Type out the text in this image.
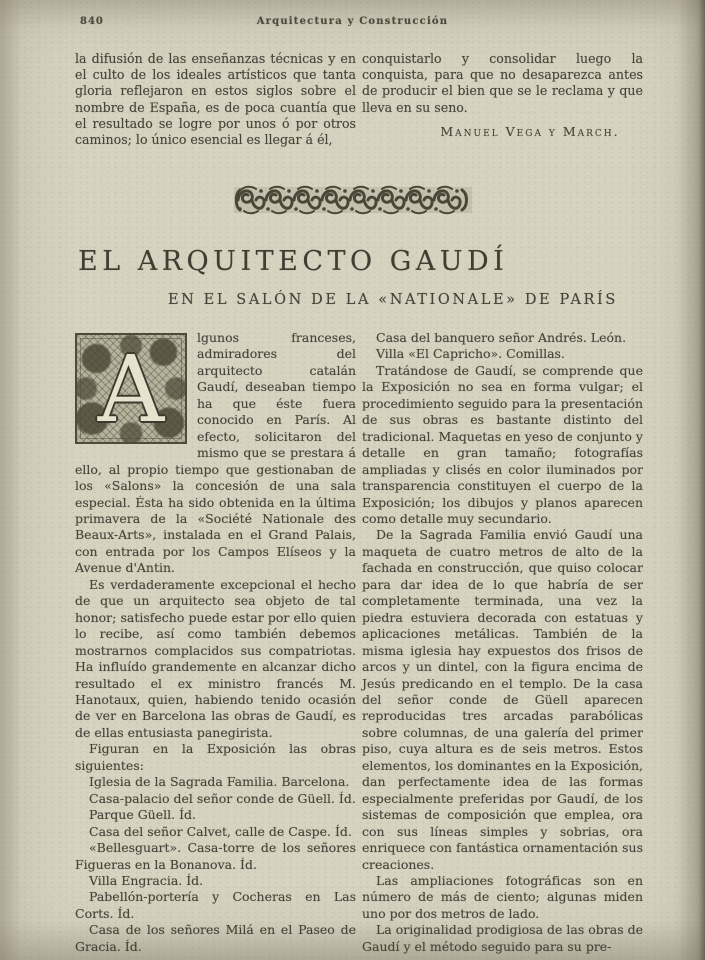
840	Arquitectura y Construcción
la difusión de las enseñanzas técnicas y en el culto de los ideales artísticos que tanta gloria reflejaron en estos siglos sobre el nombre de España, es de poca cuantía que el resultado se logre por unos ó por otros caminos; lo único esencial es llegar á él,
conquistarlo y consolidar luego la conquista, para que no desaparezca antes de producir el bien que se le reclama y que lleva en su seno.
Manuel Vega y March.
EL ARQUITECTO GAUDÍ
EN EL SALÓN DE LA «NATIONALE» DE PARÍS

A	lgunos franceses, admiradores del arquitecto catalán Gaudí, deseaban tiempo ha que éste fuera conocido en París. Al efecto, solicitaron del mismo que se prestara á ello, al propio tiempo que gestionaban de los «Salons» la concesión de una sala especial. Ésta ha sido obtenida en la última primavera de la «Société Nationale des Beaux-Arts», instalada en el Grand Palais, con entrada por los Campos Elíseos y la Avenue d'Antin.

Es verdaderamente excepcional el hecho de que un arquitecto sea objeto de tal honor; satisfecho puede estar por ello quien lo recibe, así como también debemos mostrarnos complacidos sus compatriotas. Ha influído grandemente en alcanzar dicho resultado el ex ministro francés M. Hanotaux, quien, habiendo tenido ocasión de ver en Barcelona las obras de Gaudí, es de ellas entusiasta panegirista.

Figuran en la Exposición las obras siguientes:

Iglesia de la Sagrada Familia. Barcelona.

Casa-palacio del señor conde de Güell. Íd.

Parque Güell. Íd.

Casa del señor Calvet, calle de Caspe. Íd.

«Bellesguart». Casa-torre de los señores Figueras en la Bonanova. Íd.

Villa Engracia. Íd.

Pabellón-portería y Cocheras en Las Corts. Íd.

Casa de los señores Milá en el Paseo de Gracia. Íd.

Casa del banquero señor Andrés. León.

Villa «El Capricho». Comillas.

Tratándose de Gaudí, se comprende que la Exposición no sea en forma vulgar; el procedimiento seguido para la presentación de sus obras es bastante distinto del tradicional. Maquetas en yeso de conjunto y detalle en gran tamaño; fotografías ampliadas y clisés en color iluminados por transparencia constituyen el cuerpo de la Exposición; los dibujos y planos aparecen como detalle muy secundario.

De la Sagrada Familia envió Gaudí una maqueta de cuatro metros de alto de la fachada en construcción, que quiso colocar para dar idea de lo que habría de ser completamente terminada, una vez la piedra estuviera decorada con estatuas y aplicaciones metálicas. También de la misma iglesia hay expuestos dos frisos de arcos y un dintel, con la figura encima de Jesús predicando en el templo. De la casa del señor conde de Güell aparecen reproducidas tres arcadas parabólicas sobre columnas, de una galería del primer piso, cuya altura es de seis metros. Estos elementos, los dominantes en la Exposición, dan perfectamente idea de las formas especialmente preferidas por Gaudí, de los sistemas de composición que emplea, ora con sus líneas simples y sobrias, ora enriquece con fantástica ornamentación sus creaciones.

Las ampliaciones fotográficas son en número de más de ciento; algunas miden uno por dos metros de lado.

La originalidad prodigiosa de las obras de Gaudí y el método seguido para su pre-
